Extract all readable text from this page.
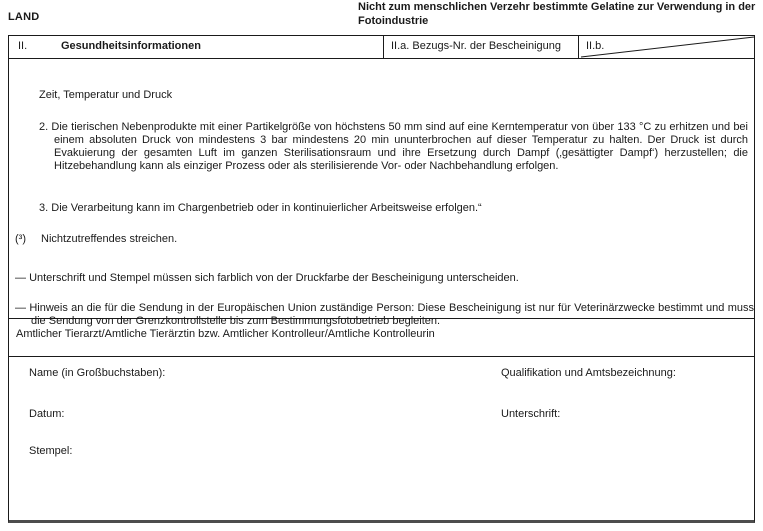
LAND
Nicht zum menschlichen Verzehr bestimmte Gelatine zur Verwendung in der Fotoindustrie
II.	Gesundheitsinformationen	II.a. Bezugs-Nr. der Bescheinigung	II.b.
Zeit, Temperatur und Druck
2. Die tierischen Nebenprodukte mit einer Partikelgröße von höchstens 50 mm sind auf eine Kerntemperatur von über 133 °C zu erhitzen und bei einem absoluten Druck von mindestens 3 bar mindestens 20 min ununterbrochen auf dieser Temperatur zu halten. Der Druck ist durch Evakuierung der gesamten Luft im ganzen Sterilisationsraum und ihre Ersetzung durch Dampf (‚gesättigter Dampf‘) herzustellen; die Hitzebehandlung kann als einziger Prozess oder als sterilisierende Vor- oder Nachbehandlung erfolgen.
3. Die Verarbeitung kann im Chargenbetrieb oder in kontinuierlicher Arbeitsweise erfolgen.“
(³) Nichtzutreffendes streichen.
— Unterschrift und Stempel müssen sich farblich von der Druckfarbe der Bescheinigung unterscheiden.
— Hinweis an die für die Sendung in der Europäischen Union zuständige Person: Diese Bescheinigung ist nur für Veterinärzwecke bestimmt und muss die Sendung von der Grenzkontrollstelle bis zum Bestimmungsfotobetrieb begleiten.
Amtlicher Tierarzt/Amtliche Tierärztin bzw. Amtlicher Kontrolleur/Amtliche Kontrolleurin
Name (in Großbuchstaben):	Qualifikation und Amtsbezeichnung:
Datum:	Unterschrift:
Stempel:
